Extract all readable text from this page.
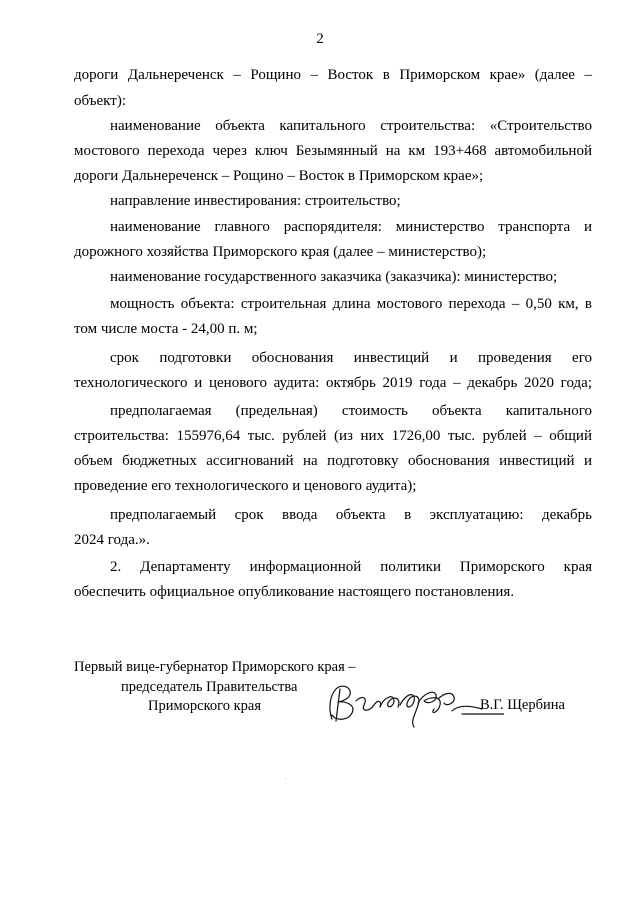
2
дороги Дальнереченск – Рощино – Восток в Приморском крае» (далее –
объект):
наименование объекта капитального строительства: «Строительство
мостового перехода через ключ Безымянный на км 193+468 автомобильной
дороги Дальнереченск – Рощино – Восток в Приморском крае»;
направление инвестирования: строительство;
наименование главного распорядителя: министерство транспорта и
дорожного хозяйства Приморского края (далее – министерство);
наименование государственного заказчика (заказчика): министерство;
мощность объекта: строительная длина мостового перехода – 0,50 км, в
том числе моста - 24,00 п. м;
срок подготовки обоснования инвестиций и проведения его
технологического и ценового аудита: октябрь 2019 года – декабрь 2020 года;
предполагаемая (предельная) стоимость объекта капитального
строительства: 155976,64 тыс. рублей (из них 1726,00 тыс. рублей – общий
объем бюджетных ассигнований на подготовку обоснования инвестиций и
проведение его технологического и ценового аудита);
предполагаемый срок ввода объекта в эксплуатацию: декабрь
2024 года.».
2. Департаменту информационной политики Приморского края
обеспечить официальное опубликование настоящего постановления.
Первый вице-губернатор Приморского края –
председатель Правительства
Приморского края	В.Г. Щербина
